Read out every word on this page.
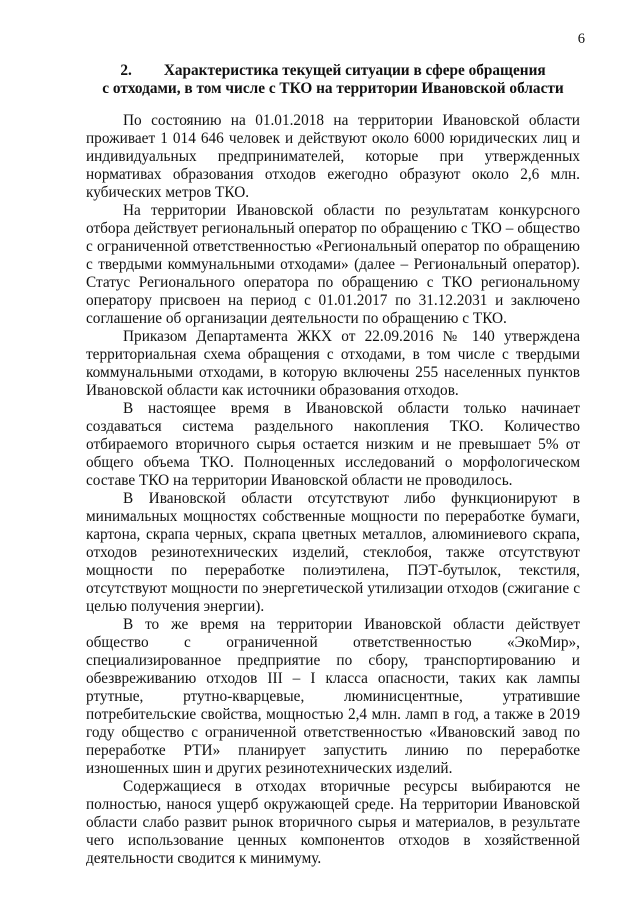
6
2. Характеристика текущей ситуации в сфере обращения
с отходами, в том числе с ТКО на территории Ивановской области

По состоянию на 01.01.2018 на территории Ивановской области проживает 1 014 646 человек и действуют около 6000 юридических лиц и индивидуальных предпринимателей, которые при утвержденных нормативах образования отходов ежегодно образуют около 2,6 млн. кубических метров ТКО.

На территории Ивановской области по результатам конкурсного отбора действует региональный оператор по обращению с ТКО – общество с ограниченной ответственностью «Региональный оператор по обращению с твердыми коммунальными отходами» (далее – Региональный оператор). Статус Регионального оператора по обращению с ТКО региональному оператору присвоен на период с 01.01.2017 по 31.12.2031 и заключено соглашение об организации деятельности по обращению с ТКО.

Приказом Департамента ЖКХ от 22.09.2016 № 140 утверждена территориальная схема обращения с отходами, в том числе с твердыми коммунальными отходами, в которую включены 255 населенных пунктов Ивановской области как источники образования отходов.

В настоящее время в Ивановской области только начинает создаваться система раздельного накопления ТКО. Количество отбираемого вторичного сырья остается низким и не превышает 5% от общего объема ТКО. Полноценных исследований о морфологическом составе ТКО на территории Ивановской области не проводилось.

В Ивановской области отсутствуют либо функционируют в минимальных мощностях собственные мощности по переработке бумаги, картона, скрапа черных, скрапа цветных металлов, алюминиевого скрапа, отходов резинотехнических изделий, стеклобоя, также отсутствуют мощности по переработке полиэтилена, ПЭТ-бутылок, текстиля, отсутствуют мощности по энергетической утилизации отходов (сжигание с целью получения энергии).

В то же время на территории Ивановской области действует общество с ограниченной ответственностью «ЭкоМир», специализированное предприятие по сбору, транспортированию и обезвреживанию отходов III – I класса опасности, таких как лампы ртутные, ртутно-кварцевые, люминисцентные, утратившие потребительские свойства, мощностью 2,4 млн. ламп в год, а также в 2019 году общество с ограниченной ответственностью «Ивановский завод по переработке РТИ» планирует запустить линию по переработке изношенных шин и других резинотехнических изделий.

Содержащиеся в отходах вторичные ресурсы выбираются не полностью, нанося ущерб окружающей среде. На территории Ивановской области слабо развит рынок вторичного сырья и материалов, в результате чего использование ценных компонентов отходов в хозяйственной деятельности сводится к минимуму.
